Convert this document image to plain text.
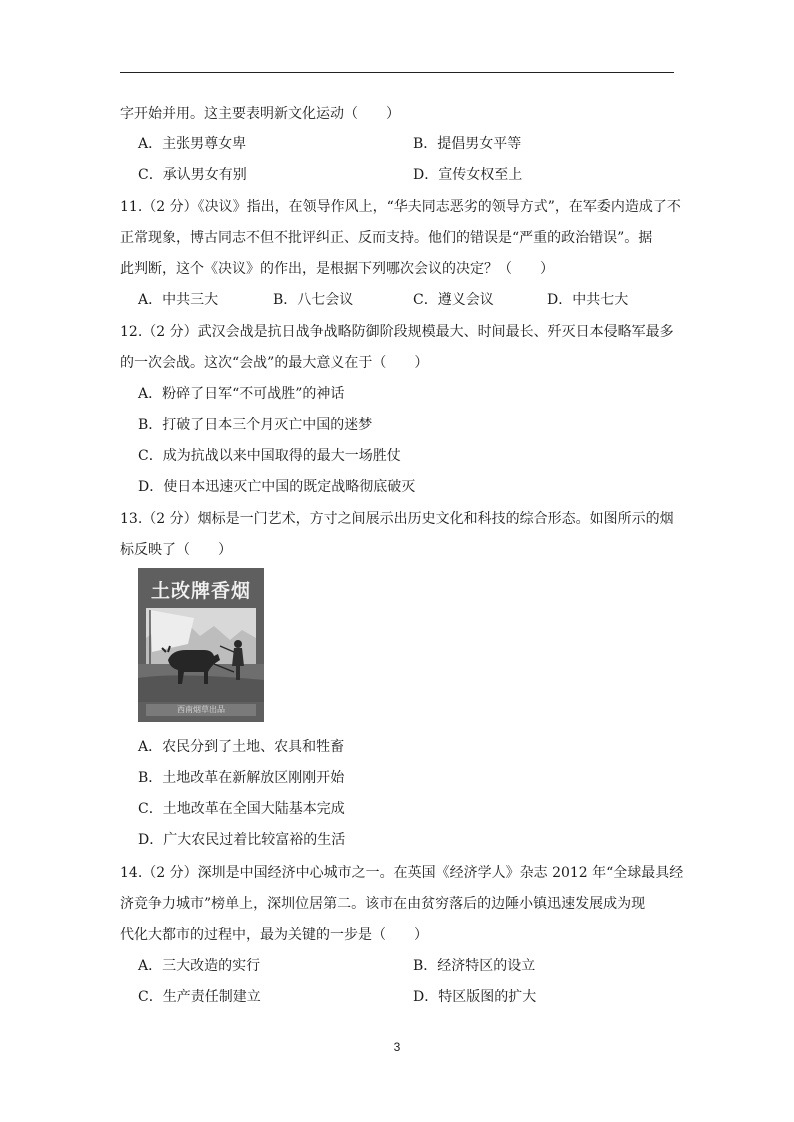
字开始并用。这主要表明新文化运动（　　）
A．主张男尊女卑	B．提倡男女平等
C．承认男女有别	D．宣传女权至上
11.（2 分）《决议》指出，在领导作风上，“华夫同志恶劣的领导方式”，在军委内造成了不
正常现象，博古同志不但不批评纠正、反而支持。他们的错误是“严重的政治错误”。据
此判断，这个《决议》的作出，是根据下列哪次会议的决定？（　　）
A．中共三大	B．八七会议	C．遵义会议	D．中共七大
12.（2 分）武汉会战是抗日战争战略防御阶段规模最大、时间最长、歼灭日本侵略军最多
的一次会战。这次“会战”的最大意义在于（　　）
A．粉碎了日军“不可战胜”的神话
B．打破了日本三个月灭亡中国的迷梦
C．成为抗战以来中国取得的最大一场胜仗
D．使日本迅速灭亡中国的既定战略彻底破灭
13.（2 分）烟标是一门艺术，方寸之间展示出历史文化和科技的综合形态。如图所示的烟
标反映了（　　）
土改牌香烟
西南烟草出品
A．农民分到了土地、农具和牲畜
B．土地改革在新解放区刚刚开始
C．土地改革在全国大陆基本完成
D．广大农民过着比较富裕的生活
14.（2 分）深圳是中国经济中心城市之一。在英国《经济学人》杂志 2012 年“全球最具经
济竞争力城市”榜单上，深圳位居第二。该市在由贫穷落后的边陲小镇迅速发展成为现
代化大都市的过程中，最为关键的一步是（　　）
A．三大改造的实行	B．经济特区的设立
C．生产责任制建立	D．特区版图的扩大
3
